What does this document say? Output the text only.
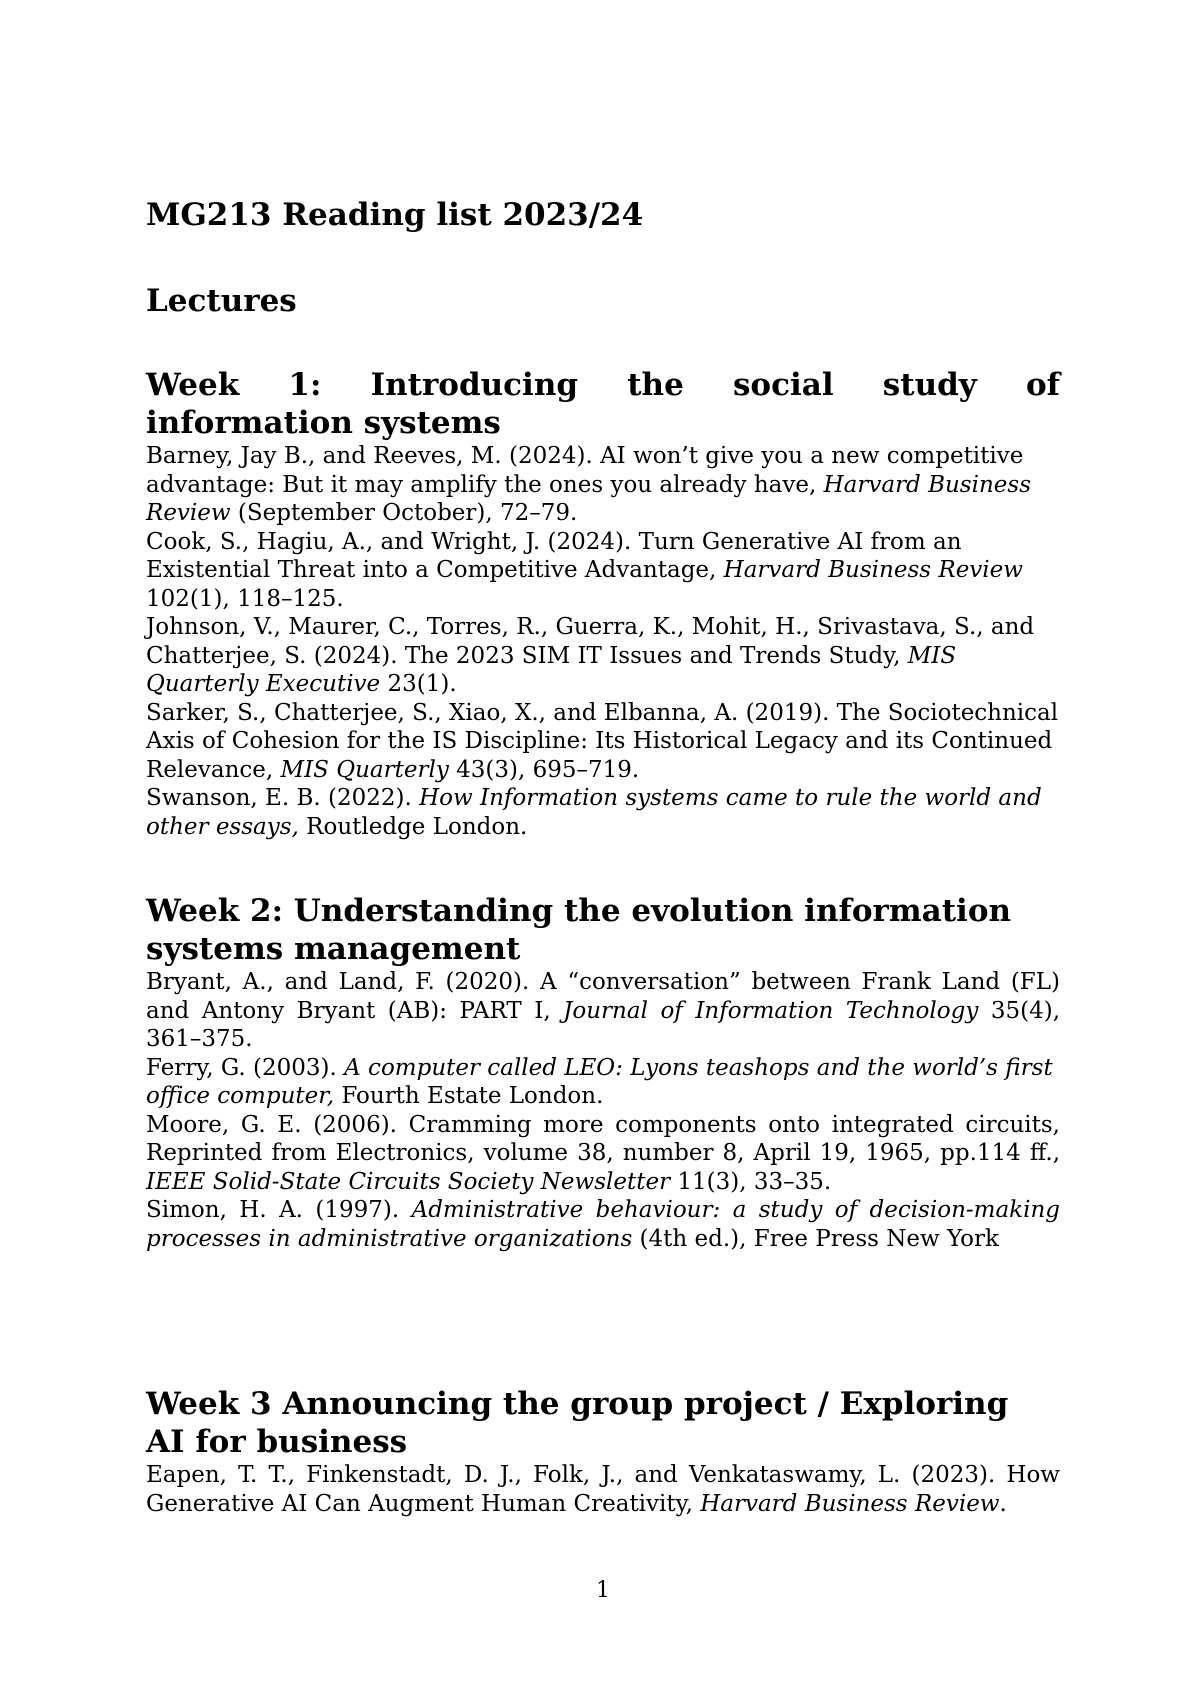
MG213 Reading list 2023/24
Lectures
Week 1: Introducing the social study of
information systems
Barney, Jay B., and Reeves, M. (2024). AI won’t give you a new competitive advantage: But it may amplify the ones you already have, Harvard Business Review (September October), 72–79.
Cook, S., Hagiu, A., and Wright, J. (2024). Turn Generative AI from an Existential Threat into a Competitive Advantage, Harvard Business Review 102(1), 118–125.
Johnson, V., Maurer, C., Torres, R., Guerra, K., Mohit, H., Srivastava, S., and Chatterjee, S. (2024). The 2023 SIM IT Issues and Trends Study, MIS Quarterly Executive 23(1).
Sarker, S., Chatterjee, S., Xiao, X., and Elbanna, A. (2019). The Sociotechnical Axis of Cohesion for the IS Discipline: Its Historical Legacy and its Continued Relevance, MIS Quarterly 43(3), 695–719.
Swanson, E. B. (2022). How Information systems came to rule the world and other essays, Routledge London.
Week 2: Understanding the evolution information
systems management
Bryant, A., and Land, F. (2020). A “conversation” between Frank Land (FL) and Antony Bryant (AB): PART I, Journal of Information Technology 35(4), 361–375.
Ferry, G. (2003). A computer called LEO: Lyons teashops and the world’s first office computer, Fourth Estate London.
Moore, G. E. (2006). Cramming more components onto integrated circuits, Reprinted from Electronics, volume 38, number 8, April 19, 1965, pp.114 ff., IEEE Solid-State Circuits Society Newsletter 11(3), 33–35.
Simon, H. A. (1997). Administrative behaviour: a study of decision-making processes in administrative organizations (4th ed.), Free Press New York
Week 3 Announcing the group project / Exploring
AI for business
Eapen, T. T., Finkenstadt, D. J., Folk, J., and Venkataswamy, L. (2023). How Generative AI Can Augment Human Creativity, Harvard Business Review.
1
